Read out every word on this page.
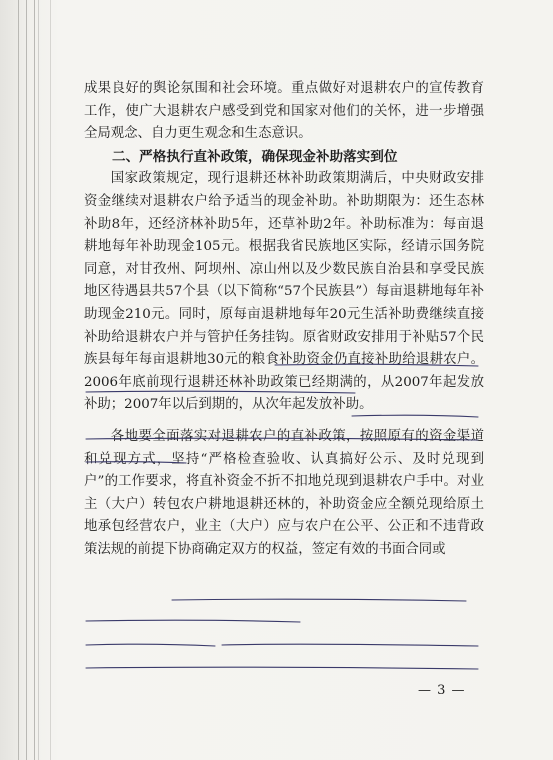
成果良好的舆论氛围和社会环境。重点做好对退耕农户的宣传教育工作，使广大退耕农户感受到党和国家对他们的关怀，进一步增强全局观念、自力更生观念和生态意识。

二、严格执行直补政策，确保现金补助落实到位

国家政策规定，现行退耕还林补助政策期满后，中央财政安排资金继续对退耕农户给予适当的现金补助。补助期限为：还生态林补助8年，还经济林补助5年，还草补助2年。补助标准为：每亩退耕地每年补助现金105元。根据我省民族地区实际，经请示国务院同意，对甘孜州、阿坝州、凉山州以及少数民族自治县和享受民族地区待遇县共57个县（以下简称“57个民族县”）每亩退耕地每年补助现金210元。同时，原每亩退耕地每年20元生活补助费继续直接补助给退耕农户并与管护任务挂钩。原省财政安排用于补贴57个民族县每年每亩退耕地30元的粮食补助资金仍直接补助给退耕农户。2006年底前现行退耕还林补助政策已经期满的，从2007年起发放补助；2007年以后到期的，从次年起发放补助。

各地要全面落实对退耕农户的直补政策，按照原有的资金渠道和兑现方式，坚持“严格检查验收、认真搞好公示、及时兑现到户”的工作要求，将直补资金不折不扣地兑现到退耕农户手中。对业主（大户）转包农户耕地退耕还林的，补助资金应全额兑现给原土地承包经营农户，业主（大户）应与农户在公平、公正和不违背政策法规的前提下协商确定双方的权益，签定有效的书面合同或

— 3 —
